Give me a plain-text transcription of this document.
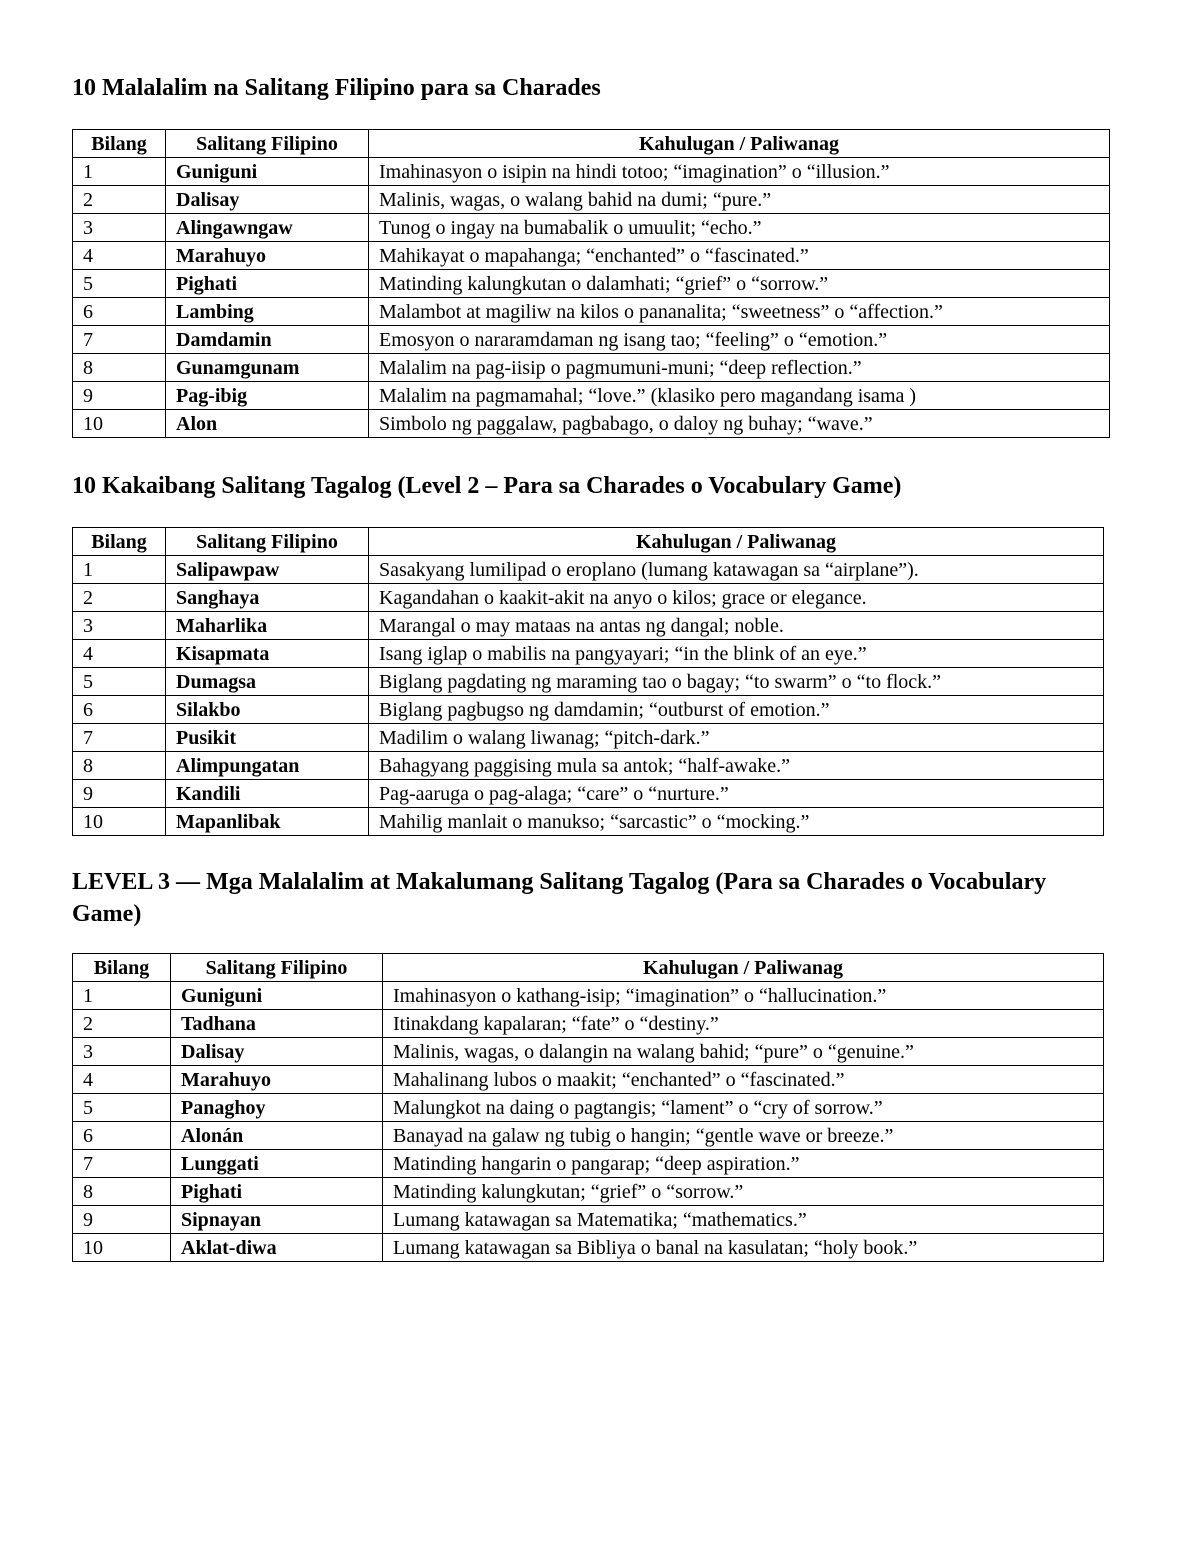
10 Malalalim na Salitang Filipino para sa Charades
Bilang	Salitang Filipino	Kahulugan / Paliwanag
1	Guniguni	Imahinasyon o isipin na hindi totoo; “imagination” o “illusion.”
2	Dalisay	Malinis, wagas, o walang bahid na dumi; “pure.”
3	Alingawngaw	Tunog o ingay na bumabalik o umuulit; “echo.”
4	Marahuyo	Mahikayat o mapahanga; “enchanted” o “fascinated.”
5	Pighati	Matinding kalungkutan o dalamhati; “grief” o “sorrow.”
6	Lambing	Malambot at magiliw na kilos o pananalita; “sweetness” o “affection.”
7	Damdamin	Emosyon o nararamdaman ng isang tao; “feeling” o “emotion.”
8	Gunamgunam	Malalim na pag-iisip o pagmumuni-muni; “deep reflection.”
9	Pag-ibig	Malalim na pagmamahal; “love.” (klasiko pero magandang isama )
10	Alon	Simbolo ng paggalaw, pagbabago, o daloy ng buhay; “wave.”
10 Kakaibang Salitang Tagalog (Level 2 – Para sa Charades o Vocabulary Game)
Bilang	Salitang Filipino	Kahulugan / Paliwanag
1	Salipawpaw	Sasakyang lumilipad o eroplano (lumang katawagan sa “airplane”).
2	Sanghaya	Kagandahan o kaakit-akit na anyo o kilos; grace or elegance.
3	Maharlika	Marangal o may mataas na antas ng dangal; noble.
4	Kisapmata	Isang iglap o mabilis na pangyayari; “in the blink of an eye.”
5	Dumagsa	Biglang pagdating ng maraming tao o bagay; “to swarm” o “to flock.”
6	Silakbo	Biglang pagbugso ng damdamin; “outburst of emotion.”
7	Pusikit	Madilim o walang liwanag; “pitch-dark.”
8	Alimpungatan	Bahagyang paggising mula sa antok; “half-awake.”
9	Kandili	Pag-aaruga o pag-alaga; “care” o “nurture.”
10	Mapanlibak	Mahilig manlait o manukso; “sarcastic” o “mocking.”
LEVEL 3 — Mga Malalalim at Makalumang Salitang Tagalog (Para sa Charades o Vocabulary Game)
Bilang	Salitang Filipino	Kahulugan / Paliwanag
1	Guniguni	Imahinasyon o kathang-isip; “imagination” o “hallucination.”
2	Tadhana	Itinakdang kapalaran; “fate” o “destiny.”
3	Dalisay	Malinis, wagas, o dalangin na walang bahid; “pure” o “genuine.”
4	Marahuyo	Mahalinang lubos o maakit; “enchanted” o “fascinated.”
5	Panaghoy	Malungkot na daing o pagtangis; “lament” o “cry of sorrow.”
6	Alonán	Banayad na galaw ng tubig o hangin; “gentle wave or breeze.”
7	Lunggati	Matinding hangarin o pangarap; “deep aspiration.”
8	Pighati	Matinding kalungkutan; “grief” o “sorrow.”
9	Sipnayan	Lumang katawagan sa Matematika; “mathematics.”
10	Aklat-diwa	Lumang katawagan sa Bibliya o banal na kasulatan; “holy book.”
